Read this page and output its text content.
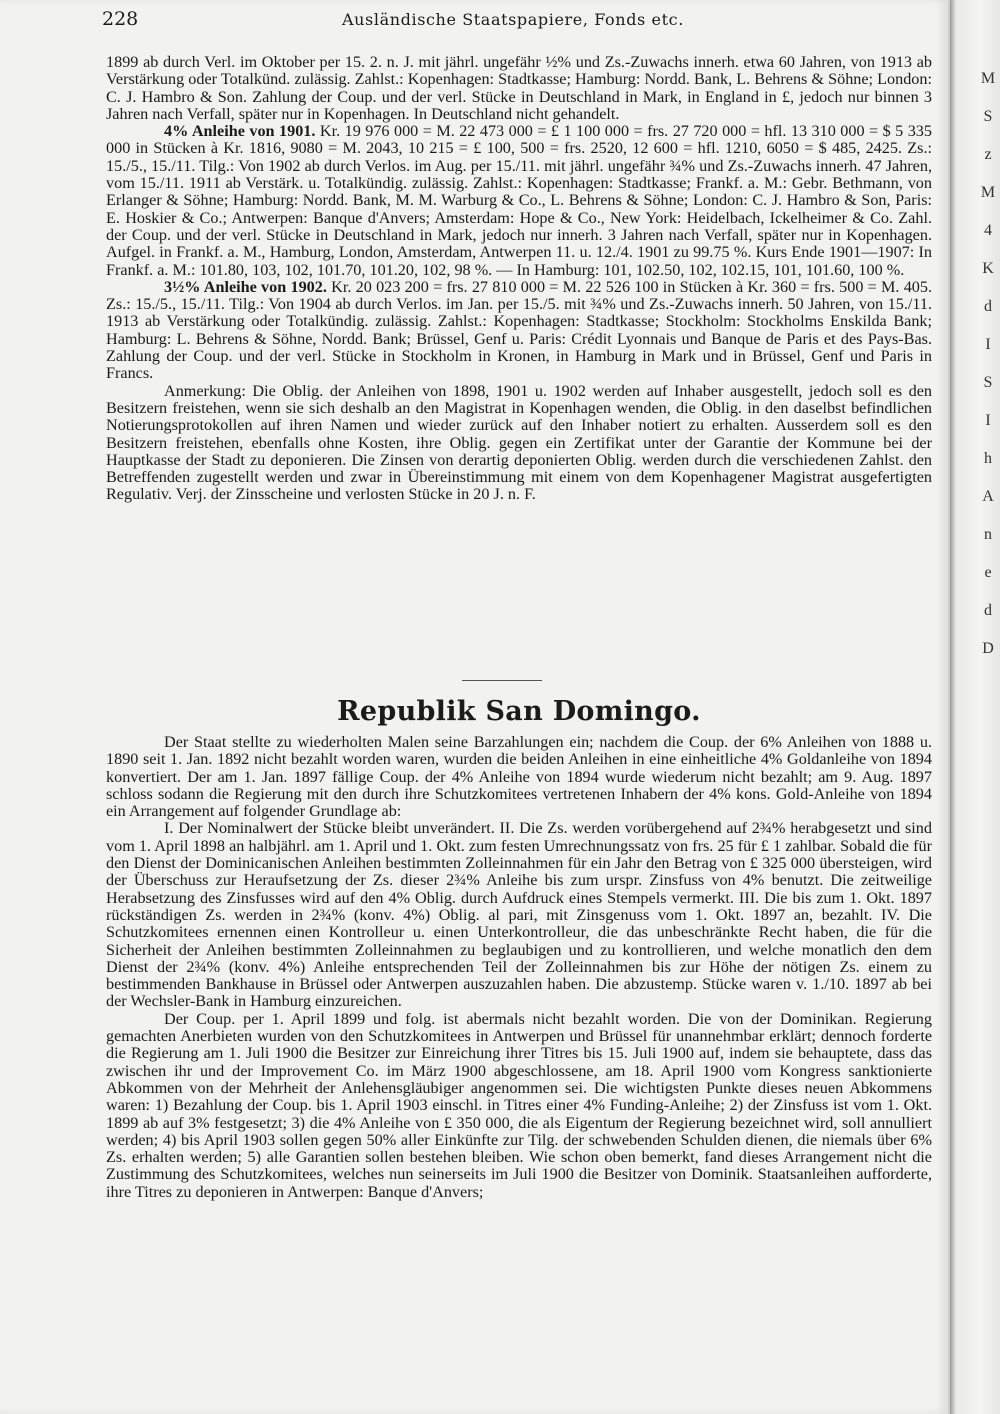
M
S
z
M
4
K
d
I
S
I
h
A
n
e
d
D
228	Ausländische Staatspapiere, Fonds etc.

1899 ab durch Verl. im Oktober per 15. 2. n. J. mit jährl. ungefähr ½% und Zs.-Zuwachs innerh. etwa 60 Jahren, von 1913 ab Verstärkung oder Totalkünd. zulässig. Zahlst.: Kopenhagen: Stadtkasse; Hamburg: Nordd. Bank, L. Behrens & Söhne; London: C. J. Hambro & Son. Zahlung der Coup. und der verl. Stücke in Deutschland in Mark, in England in £, jedoch nur binnen 3 Jahren nach Verfall, später nur in Kopenhagen. In Deutschland nicht gehandelt.

4% Anleihe von 1901. Kr. 19 976 000 = M. 22 473 000 = £ 1 100 000 = frs. 27 720 000 = hfl. 13 310 000 = $ 5 335 000 in Stücken à Kr. 1816, 9080 = M. 2043, 10 215 = £ 100, 500 = frs. 2520, 12 600 = hfl. 1210, 6050 = $ 485, 2425. Zs.: 15./5., 15./11. Tilg.: Von 1902 ab durch Verlos. im Aug. per 15./11. mit jährl. ungefähr ¾% und Zs.-Zuwachs innerh. 47 Jahren, vom 15./11. 1911 ab Verstärk. u. Totalkündig. zulässig. Zahlst.: Kopenhagen: Stadtkasse; Frankf. a. M.: Gebr. Bethmann, von Erlanger & Söhne; Hamburg: Nordd. Bank, M. M. Warburg & Co., L. Behrens & Söhne; London: C. J. Hambro & Son, Paris: E. Hoskier & Co.; Antwerpen: Banque d'Anvers; Amsterdam: Hope & Co., New York: Heidelbach, Ickelheimer & Co. Zahl. der Coup. und der verl. Stücke in Deutschland in Mark, jedoch nur innerh. 3 Jahren nach Verfall, später nur in Kopenhagen. Aufgel. in Frankf. a. M., Hamburg, London, Amsterdam, Antwerpen 11. u. 12./4. 1901 zu 99.75 %. Kurs Ende 1901—1907: In Frankf. a. M.: 101.80, 103, 102, 101.70, 101.20, 102, 98 %. — In Hamburg: 101, 102.50, 102, 102.15, 101, 101.60, 100 %.

3½% Anleihe von 1902. Kr. 20 023 200 = frs. 27 810 000 = M. 22 526 100 in Stücken à Kr. 360 = frs. 500 = M. 405. Zs.: 15./5., 15./11. Tilg.: Von 1904 ab durch Verlos. im Jan. per 15./5. mit ¾% und Zs.-Zuwachs innerh. 50 Jahren, von 15./11. 1913 ab Verstärkung oder Totalkündig. zulässig. Zahlst.: Kopenhagen: Stadtkasse; Stockholm: Stockholms Enskilda Bank; Hamburg: L. Behrens & Söhne, Nordd. Bank; Brüssel, Genf u. Paris: Crédit Lyonnais und Banque de Paris et des Pays-Bas. Zahlung der Coup. und der verl. Stücke in Stockholm in Kronen, in Hamburg in Mark und in Brüssel, Genf und Paris in Francs.

Anmerkung: Die Oblig. der Anleihen von 1898, 1901 u. 1902 werden auf Inhaber ausgestellt, jedoch soll es den Besitzern freistehen, wenn sie sich deshalb an den Magistrat in Kopenhagen wenden, die Oblig. in den daselbst befindlichen Notierungsprotokollen auf ihren Namen und wieder zurück auf den Inhaber notiert zu erhalten. Ausserdem soll es den Besitzern freistehen, ebenfalls ohne Kosten, ihre Oblig. gegen ein Zertifikat unter der Garantie der Kommune bei der Hauptkasse der Stadt zu deponieren. Die Zinsen von derartig deponierten Oblig. werden durch die verschiedenen Zahlst. den Betreffenden zugestellt werden und zwar in Übereinstimmung mit einem von dem Kopenhagener Magistrat ausgefertigten Regulativ. Verj. der Zinsscheine und verlosten Stücke in 20 J. n. F.

Republik San Domingo.

Der Staat stellte zu wiederholten Malen seine Barzahlungen ein; nachdem die Coup. der 6% Anleihen von 1888 u. 1890 seit 1. Jan. 1892 nicht bezahlt worden waren, wurden die beiden Anleihen in eine einheitliche 4% Goldanleihe von 1894 konvertiert. Der am 1. Jan. 1897 fällige Coup. der 4% Anleihe von 1894 wurde wiederum nicht bezahlt; am 9. Aug. 1897 schloss sodann die Regierung mit den durch ihre Schutzkomitees vertretenen Inhabern der 4% kons. Gold-Anleihe von 1894 ein Arrangement auf folgender Grundlage ab:

I. Der Nominalwert der Stücke bleibt unverändert. II. Die Zs. werden vorübergehend auf 2¾% herabgesetzt und sind vom 1. April 1898 an halbjährl. am 1. April und 1. Okt. zum festen Umrechnungssatz von frs. 25 für £ 1 zahlbar. Sobald die für den Dienst der Dominicanischen Anleihen bestimmten Zolleinnahmen für ein Jahr den Betrag von £ 325 000 übersteigen, wird der Überschuss zur Heraufsetzung der Zs. dieser 2¾% Anleihe bis zum urspr. Zinsfuss von 4% benutzt. Die zeitweilige Herabsetzung des Zinsfusses wird auf den 4% Oblig. durch Aufdruck eines Stempels vermerkt. III. Die bis zum 1. Okt. 1897 rückständigen Zs. werden in 2¾% (konv. 4%) Oblig. al pari, mit Zinsgenuss vom 1. Okt. 1897 an, bezahlt. IV. Die Schutzkomitees ernennen einen Kontrolleur u. einen Unterkontrolleur, die das unbeschränkte Recht haben, die für die Sicherheit der Anleihen bestimmten Zolleinnahmen zu beglaubigen und zu kontrollieren, und welche monatlich den dem Dienst der 2¾% (konv. 4%) Anleihe entsprechenden Teil der Zolleinnahmen bis zur Höhe der nötigen Zs. einem zu bestimmenden Bankhause in Brüssel oder Antwerpen auszuzahlen haben. Die abzustemp. Stücke waren v. 1./10. 1897 ab bei der Wechsler-Bank in Hamburg einzureichen.

Der Coup. per 1. April 1899 und folg. ist abermals nicht bezahlt worden. Die von der Dominikan. Regierung gemachten Anerbieten wurden von den Schutzkomitees in Antwerpen und Brüssel für unannehmbar erklärt; dennoch forderte die Regierung am 1. Juli 1900 die Besitzer zur Einreichung ihrer Titres bis 15. Juli 1900 auf, indem sie behauptete, dass das zwischen ihr und der Improvement Co. im März 1900 abgeschlossene, am 18. April 1900 vom Kongress sanktionierte Abkommen von der Mehrheit der Anlehensgläubiger angenommen sei. Die wichtigsten Punkte dieses neuen Abkommens waren: 1) Bezahlung der Coup. bis 1. April 1903 einschl. in Titres einer 4% Funding-Anleihe; 2) der Zinsfuss ist vom 1. Okt. 1899 ab auf 3% festgesetzt; 3) die 4% Anleihe von £ 350 000, die als Eigentum der Regierung bezeichnet wird, soll annulliert werden; 4) bis April 1903 sollen gegen 50% aller Einkünfte zur Tilg. der schwebenden Schulden dienen, die niemals über 6% Zs. erhalten werden; 5) alle Garantien sollen bestehen bleiben. Wie schon oben bemerkt, fand dieses Arrangement nicht die Zustimmung des Schutzkomitees, welches nun seinerseits im Juli 1900 die Besitzer von Dominik. Staatsanleihen aufforderte, ihre Titres zu deponieren in Antwerpen: Banque d'Anvers;
